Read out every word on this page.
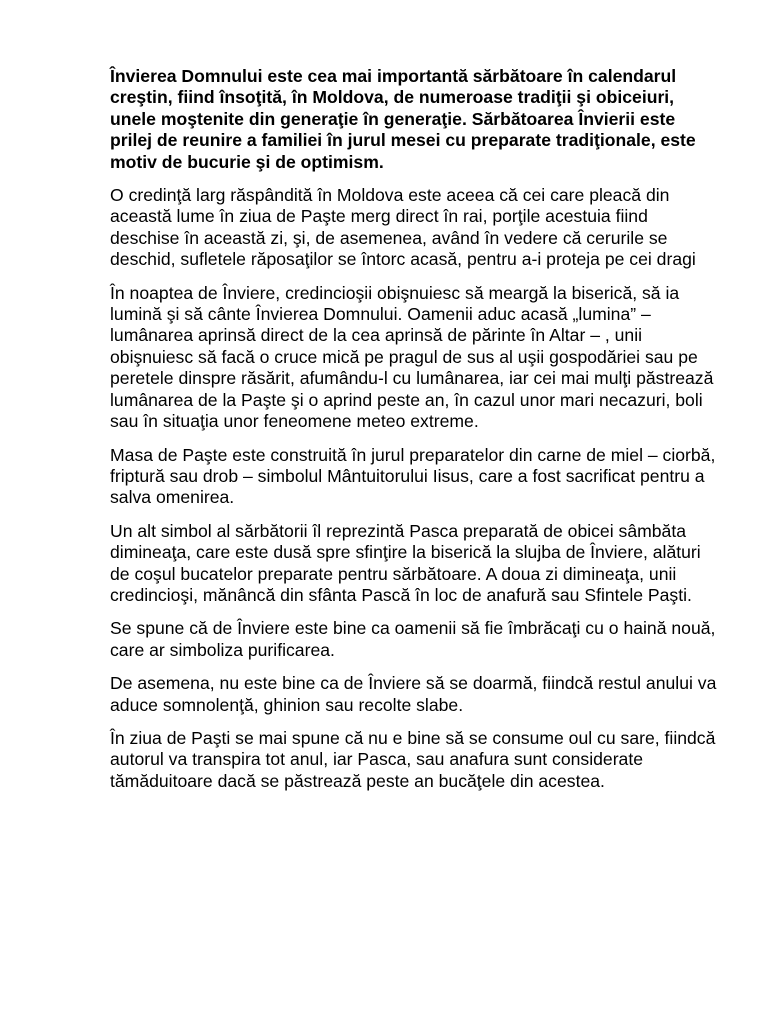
Învierea Domnului este cea mai importantă sărbătoare în calendarul creştin, fiind însoţită, în Moldova, de numeroase tradiţii şi obiceiuri, unele moştenite din generaţie în generaţie. Sărbătoarea Învierii este prilej de reunire a familiei în jurul mesei cu preparate tradiţionale, este motiv de bucurie şi de optimism.

O credinţă larg răspândită în Moldova este aceea că cei care pleacă din această lume în ziua de Paşte merg direct în rai, porţile acestuia fiind deschise în această zi, şi, de asemenea, având în vedere că cerurile se deschid, sufletele răposaţilor se întorc acasă, pentru a-i proteja pe cei dragi

În noaptea de Înviere, credincioşii obişnuiesc să meargă la biserică, să ia lumină şi să cânte Învierea Domnului. Oamenii aduc acasă „lumina” – lumânarea aprinsă direct de la cea aprinsă de părinte în Altar – , unii obişnuiesc să facă o cruce mică pe pragul de sus al uşii gospodăriei sau pe peretele dinspre răsărit, afumându-l cu lumânarea, iar cei mai mulţi păstrează lumânarea de la Paşte şi o aprind peste an, în cazul unor mari necazuri, boli sau în situaţia unor feneomene meteo extreme.

Masa de Paşte este construită în jurul preparatelor din carne de miel – ciorbă, friptură sau drob – simbolul Mântuitorului Iisus, care a fost sacrificat pentru a salva omenirea.

Un alt simbol al sărbătorii îl reprezintă Pasca preparată de obicei sâmbăta dimineaţa, care este dusă spre sfinţire la biserică la slujba de Înviere, alături de coşul bucatelor preparate pentru sărbătoare. A doua zi dimineaţa, unii credincioşi, mănâncă din sfânta Pască în loc de anafură sau Sfintele Paşti.

Se spune că de Înviere este bine ca oamenii să fie îmbrăcaţi cu o haină nouă, care ar simboliza purificarea.

De asemena, nu este bine ca de Înviere să se doarmă, fiindcă restul anului va aduce somnolenţă, ghinion sau recolte slabe.

În ziua de Paşti se mai spune că nu e bine să se consume oul cu sare, fiindcă autorul va transpira tot anul, iar Pasca, sau anafura sunt considerate tămăduitoare dacă se păstrează peste an bucăţele din acestea.
